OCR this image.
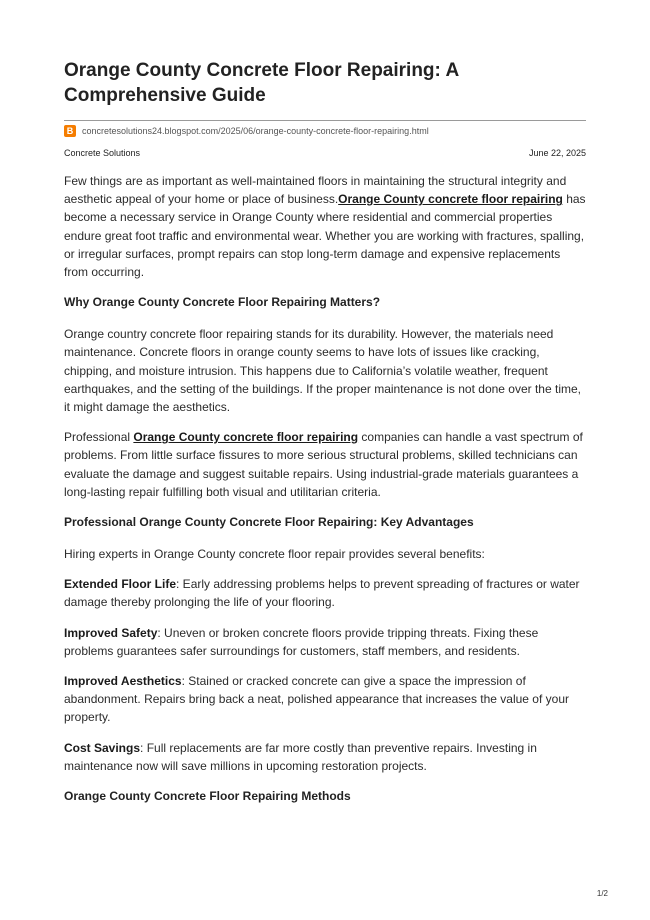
Orange County Concrete Floor Repairing: A Comprehensive Guide
B concretesolutions24.blogspot.com/2025/06/orange-county-concrete-floor-repairing.html
Concrete Solutions	June 22, 2025

Few things are as important as well-maintained floors in maintaining the structural integrity and aesthetic appeal of your home or place of business.Orange County concrete floor repairing has become a necessary service in Orange County where residential and commercial properties endure great foot traffic and environmental wear. Whether you are working with fractures, spalling, or irregular surfaces, prompt repairs can stop long-term damage and expensive replacements from occurring.

Why Orange County Concrete Floor Repairing Matters?

Orange country concrete floor repairing stands for its durability. However, the materials need maintenance. Concrete floors in orange county seems to have lots of issues like cracking, chipping, and moisture intrusion. This happens due to California’s volatile weather, frequent earthquakes, and the setting of the buildings. If the proper maintenance is not done over the time, it might damage the aesthetics.

Professional Orange County concrete floor repairing companies can handle a vast spectrum of problems. From little surface fissures to more serious structural problems, skilled technicians can evaluate the damage and suggest suitable repairs. Using industrial-grade materials guarantees a long-lasting repair fulfilling both visual and utilitarian criteria.

Professional Orange County Concrete Floor Repairing: Key Advantages

Hiring experts in Orange County concrete floor repair provides several benefits:

Extended Floor Life: Early addressing problems helps to prevent spreading of fractures or water damage thereby prolonging the life of your flooring.

Improved Safety: Uneven or broken concrete floors provide tripping threats. Fixing these problems guarantees safer surroundings for customers, staff members, and residents.

Improved Aesthetics: Stained or cracked concrete can give a space the impression of abandonment. Repairs bring back a neat, polished appearance that increases the value of your property.

Cost Savings: Full replacements are far more costly than preventive repairs. Investing in maintenance now will save millions in upcoming restoration projects.

Orange County Concrete Floor Repairing Methods
1/2
